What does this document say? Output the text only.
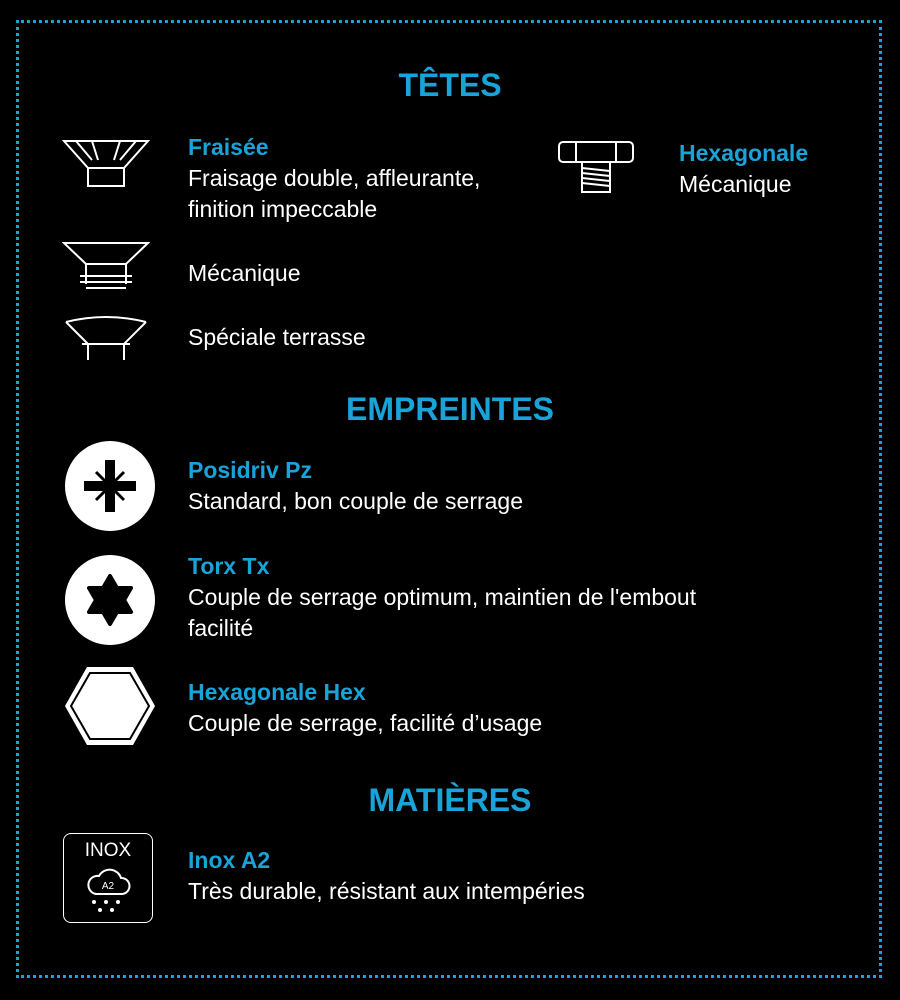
TÊTES
Fraisée
Fraisage double, affleurante,
finition impeccable
Hexagonale
Mécanique
Mécanique
Spéciale terrasse
EMPREINTES
Posidriv Pz
Standard, bon couple de serrage
Torx Tx
Couple de serrage optimum, maintien de l'embout
facilité
Hexagonale Hex
Couple de serrage, facilité d’usage
MATIÈRES
INOX
A2
Inox A2
Très durable, résistant aux intempéries
